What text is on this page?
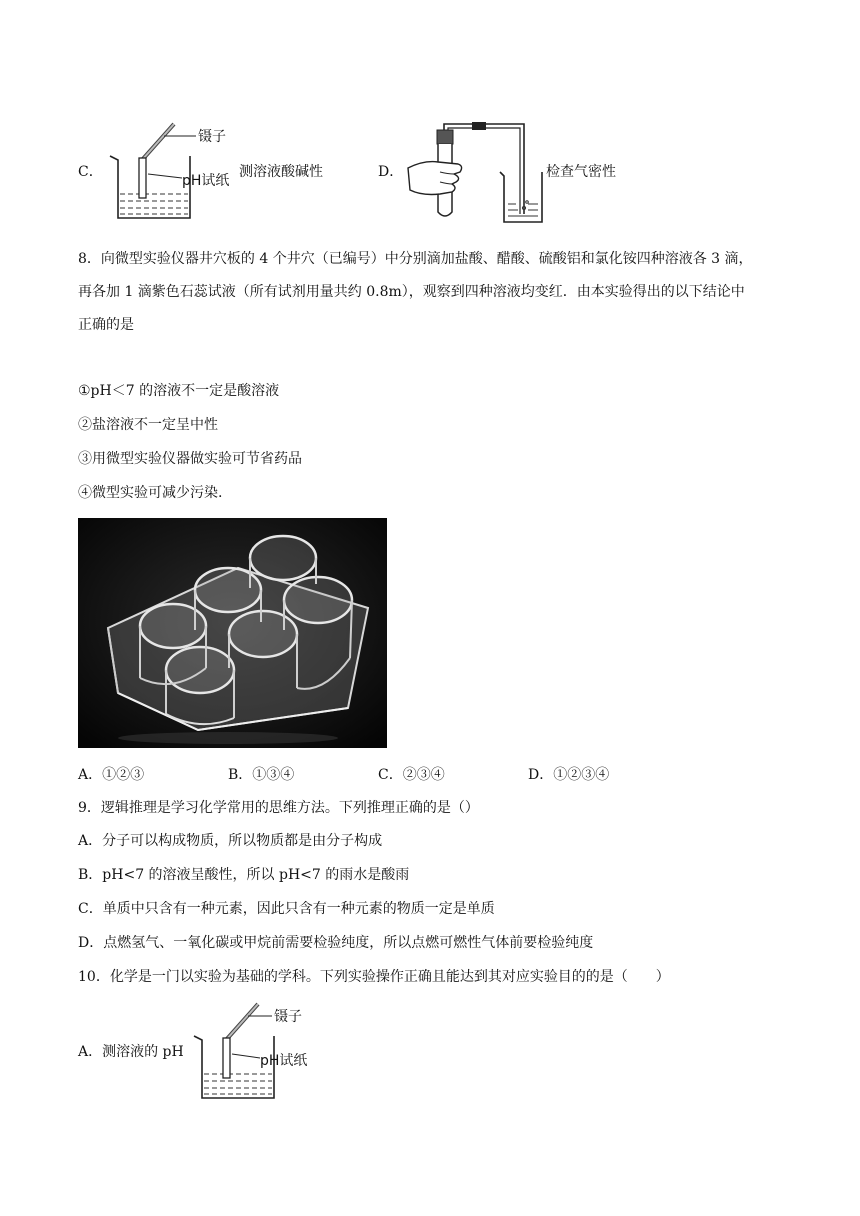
C．
镊子
pH试纸
测溶液酸碱性	D．	检查气密性
8．向微型实验仪器井穴板的 4 个井穴（已编号）中分别滴加盐酸、醋酸、硫酸铝和氯化铵四种溶液各 3 滴，
再各加 1 滴紫色石蕊试液（所有试剂用量共约 0.8m），观察到四种溶液均变红．由本实验得出的以下结论中
正确的是
①pH＜7 的溶液不一定是酸溶液
②盐溶液不一定呈中性
③用微型实验仪器做实验可节省药品
④微型实验可减少污染.
A．①②③	B．①③④	C．②③④	D．①②③④
9．逻辑推理是学习化学常用的思维方法。下列推理正确的是（）
A．分子可以构成物质，所以物质都是由分子构成
B．pH<7 的溶液呈酸性，所以 pH<7 的雨水是酸雨
C．单质中只含有一种元素，因此只含有一种元素的物质一定是单质
D．点燃氢气、一氧化碳或甲烷前需要检验纯度，所以点燃可燃性气体前要检验纯度
10．化学是一门以实验为基础的学科。下列实验操作正确且能达到其对应实验目的的是（　　）
A．测溶液的 pH
镊子
pH试纸
